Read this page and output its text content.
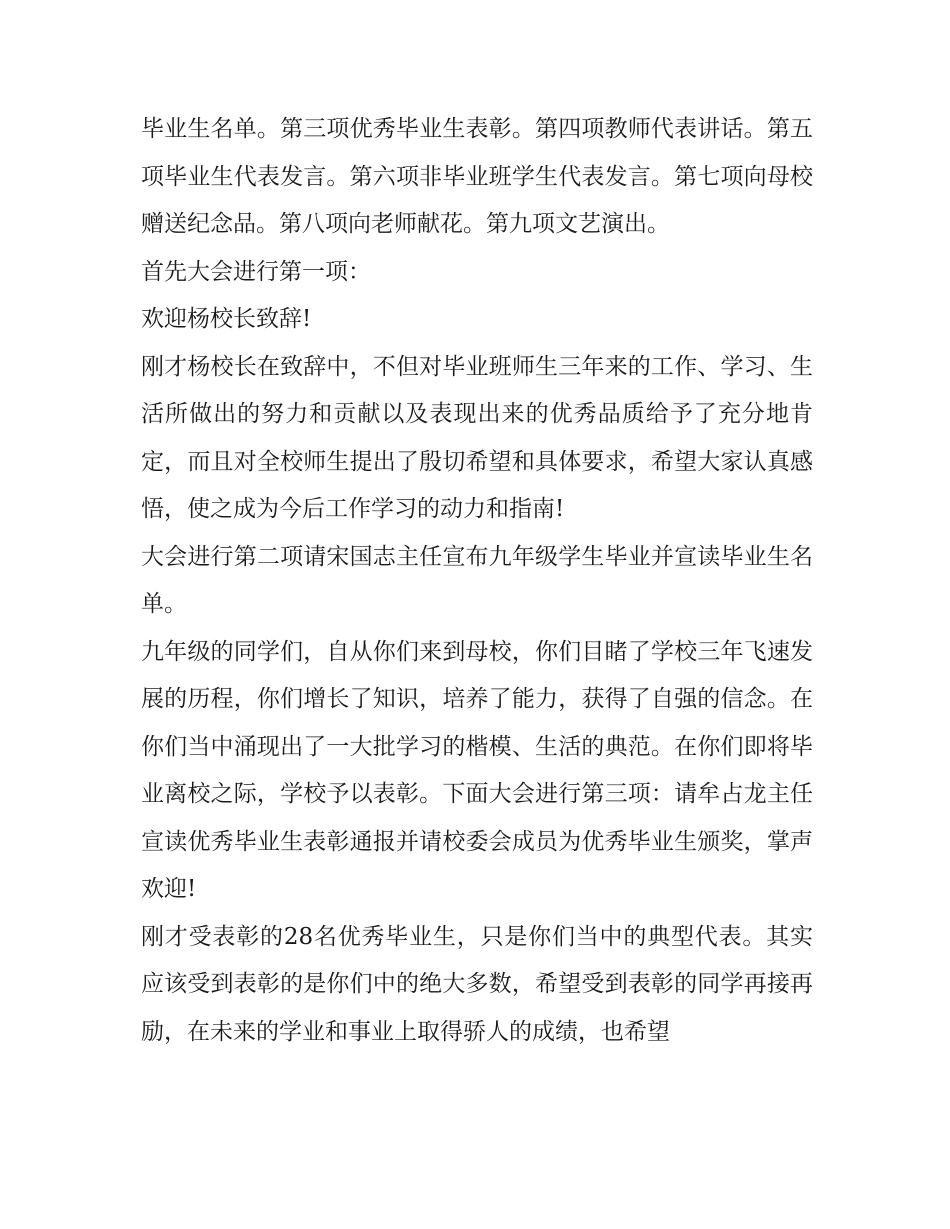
毕业生名单。第三项优秀毕业生表彰。第四项教师代表讲话。第五项毕业生代表发言。第六项非毕业班学生代表发言。第七项向母校赠送纪念品。第八项向老师献花。第九项文艺演出。

首先大会进行第一项：

欢迎杨校长致辞!

刚才杨校长在致辞中，不但对毕业班师生三年来的工作、学习、生活所做出的努力和贡献以及表现出来的优秀品质给予了充分地肯定，而且对全校师生提出了殷切希望和具体要求，希望大家认真感悟，使之成为今后工作学习的动力和指南!

大会进行第二项请宋国志主任宣布九年级学生毕业并宣读毕业生名单。

九年级的同学们，自从你们来到母校，你们目睹了学校三年飞速发展的历程，你们增长了知识，培养了能力，获得了自强的信念。在你们当中涌现出了一大批学习的楷模、生活的典范。在你们即将毕业离校之际，学校予以表彰。下面大会进行第三项：请牟占龙主任宣读优秀毕业生表彰通报并请校委会成员为优秀毕业生颁奖，掌声欢迎!

刚才受表彰的28名优秀毕业生，只是你们当中的典型代表。其实应该受到表彰的是你们中的绝大多数，希望受到表彰的同学再接再励，在未来的学业和事业上取得骄人的成绩，也希望
